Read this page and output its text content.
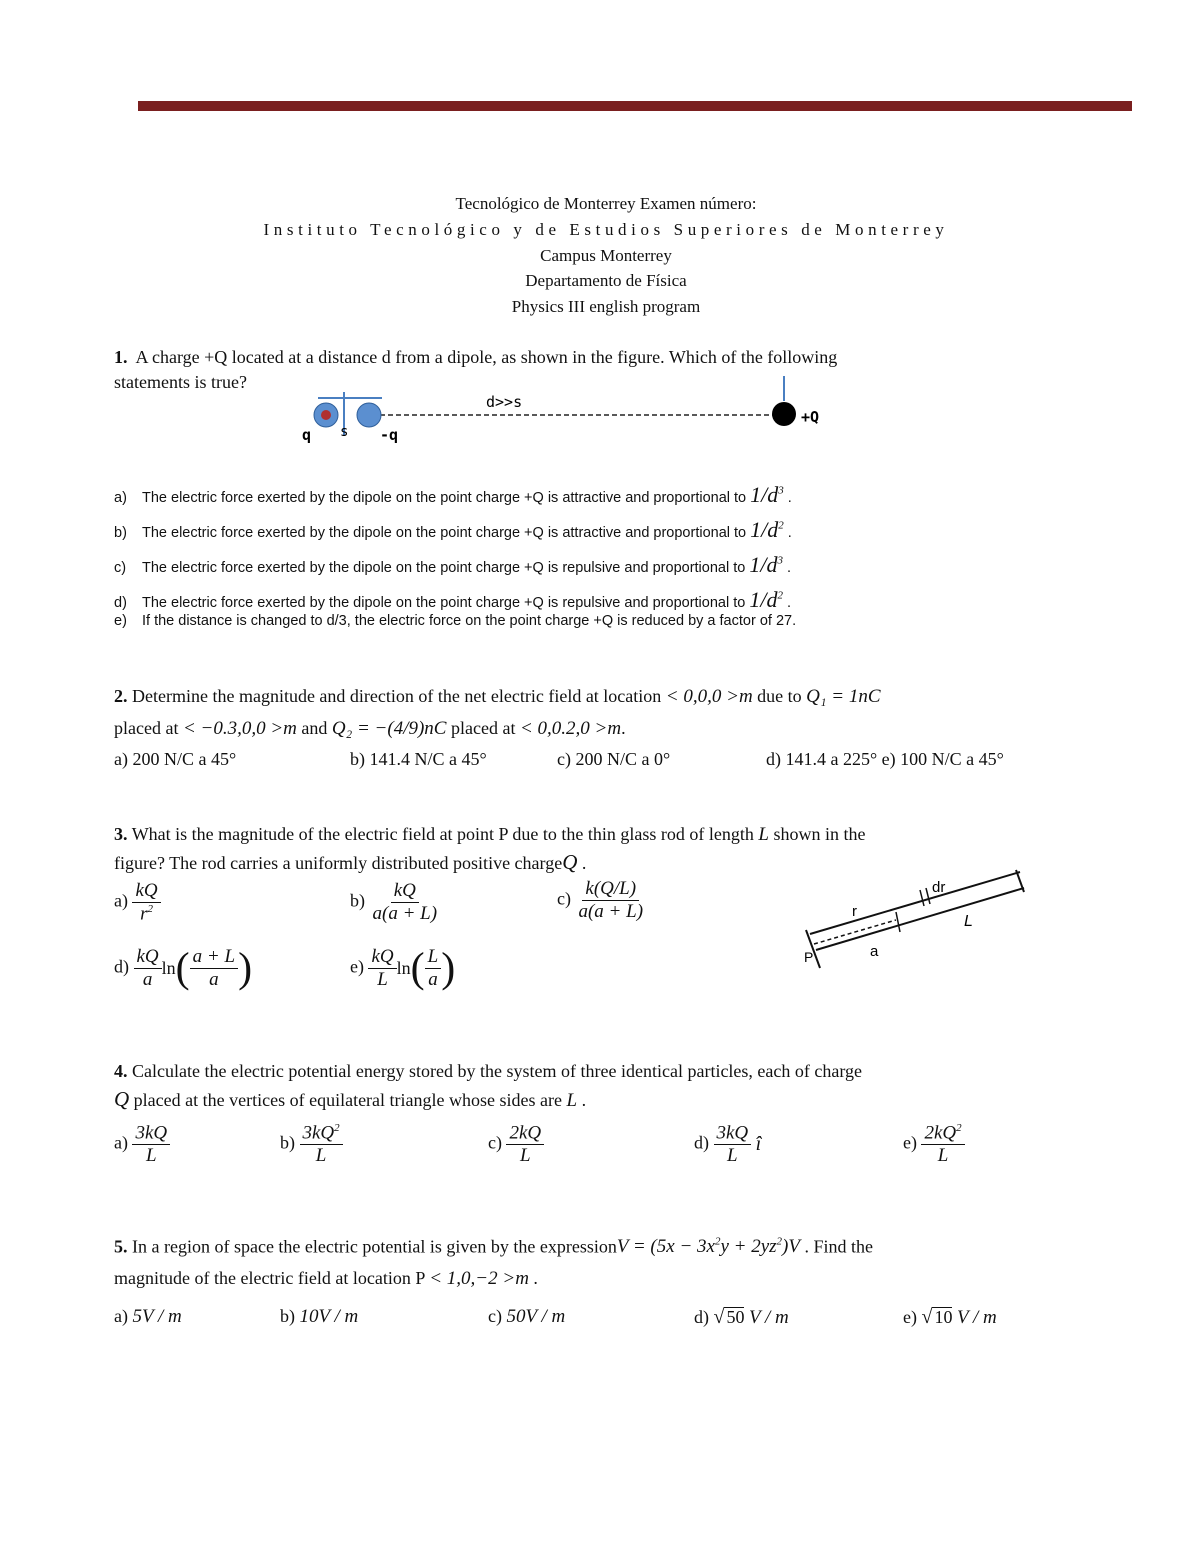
Tecnológico de Monterrey Examen número:
Instituto Tecnológico y de Estudios Superiores de Monterrey
Campus Monterrey
Departamento de Física
Physics III english program
1. A charge +Q located at a distance d from a dipole, as shown in the figure. Which of the following
statements is true?
d>>s
q s -q
+Q
a) The electric force exerted by the dipole on the point charge +Q is attractive and proportional to $1/d^3$ .
b) The electric force exerted by the dipole on the point charge +Q is attractive and proportional to $1/d^2$ .
c) The electric force exerted by the dipole on the point charge +Q is repulsive and proportional to $1/d^3$ .
d) The electric force exerted by the dipole on the point charge +Q is repulsive and proportional to $1/d^2$ .
e) If the distance is changed to d/3, the electric force on the point charge +Q is reduced by a factor of 27.
2. Determine the magnitude and direction of the net electric field at location < 0,0,0 >m due to Q₁ = 1nC
placed at < −0.3,0,0 >m and Q₂ = −(4/9)nC placed at < 0,0.2,0 >m.
a) 200 N/C a 45°	b) 141.4 N/C a 45°	c) 200 N/C a 0°	d) 141.4 a 225° e) 100 N/C a 45°
3. What is the magnitude of the electric field at point P due to the thin glass rod of length L shown in the
figure? The rod carries a uniformly distributed positive chargeQ .
$a) \frac{kQ}{r^2}$	$b) \frac{kQ}{a(a + L)}$	$c) \frac{k(Q/L)}{a(a + L)}$
$d) \frac{kQ}{a} \ln( \frac{a + L}{a}$ )	$e) \frac{kQ}{L} \ln( \frac{L}{a}$ )
dr
r
L
P	a
4. Calculate the electric potential energy stored by the system of three identical particles, each of charge
Q placed at the vertices of equilateral triangle whose sides are L .
$a) \frac{3kQ}{L}$	$b) \frac{3kQ^2}{L}$	$c) \frac{2kQ}{L}$	$d) \frac{3kQ}{L}$ î	$e) \frac{2kQ^2}{L}$
5. In a region of space the electric potential is given by the expressionV = $(5x - 3x^2y + 2yz^2)V$ . Find the
magnitude of the electric field at location P < 1,0,−2 >m .
a) 5V / m	b) 10V / m	c) 50V / m	d) √ 50 V / m	e) √ 10 V / m
